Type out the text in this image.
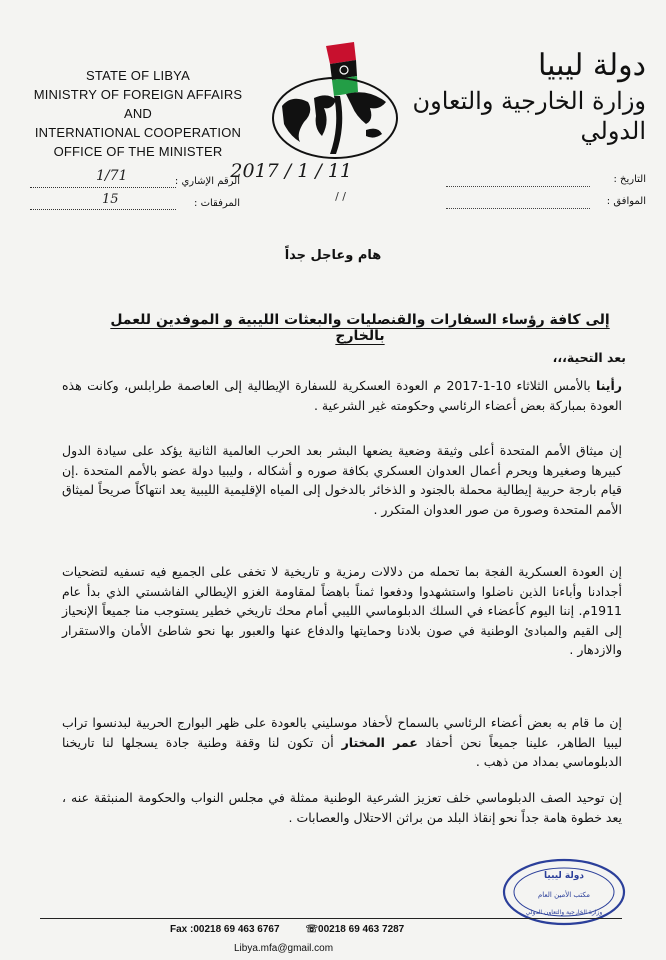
STATE OF LIBYA
MINISTRY OF FOREIGN AFFAIRS
AND
INTERNATIONAL COOPERATION
OFFICE OF THE MINISTER
دولة ليبيا
وزارة الخارجية والتعاون الدولي
الرقم الإشاري :
المرفقات :
1/71
15
التاريخ :
الموافق :
2017 / 1 / 11
/ /
هام وعاجل جداً
إلى كافة رؤساء السفارات والقنصليات والبعثات الليبية و الموفدين للعمل بالخارج
بعد التحية،،،
رأينا بالأمس الثلاثاء 10-1-2017 م العودة العسكرية للسفارة الإيطالية إلى العاصمة طرابلس، وكانت هذه العودة بمباركة بعض أعضاء الرئاسي وحكومته غير الشرعية .
إن ميثاق الأمم المتحدة أعلى وثيقة وضعية يضعها البشر بعد الحرب العالمية الثانية يؤكد على سيادة الدول كبيرها وصغيرها ويحرم أعمال العدوان العسكري بكافة صوره و أشكاله ، وليبيا دولة عضو بالأمم المتحدة .إن قيام بارجة حربية إيطالية محملة بالجنود و الذخائر بالدخول إلى المياه الإقليمية الليبية يعد انتهاكاً صريحاً لميثاق الأمم المتحدة وصورة من صور العدوان المتكرر .
إن العودة العسكرية الفجة بما تحمله من دلالات رمزية و تاريخية لا تخفى على الجميع فيه تسفيه لتضحيات أجدادنا وأباءنا الذين ناضلوا واستشهدوا ودفعوا ثمناً باهضاً لمقاومة الغزو الإيطالي الفاشستي الذي بدأ عام 1911م. إننا اليوم كأعضاء في السلك الدبلوماسي الليبي أمام محك تاريخي خطير يستوجب منا جميعاً الإنحياز إلى القيم والمبادئ الوطنية في صون بلادنا وحمايتها والدفاع عنها والعبور بها نحو شاطئ الأمان والاستقرار والازدهار .
إن ما قام به بعض أعضاء الرئاسي بالسماح لأحفاد موسليني بالعودة على ظهر البوارج الحربية لبدنسوا تراب ليبيا الطاهر، علينا جميعاً نحن أحفاد عمر المختار أن تكون لنا وقفة وطنية جادة يسجلها لنا تاريخنا الدبلوماسي بمداد من ذهب .
إن توحيد الصف الدبلوماسي خلف تعزيز الشرعية الوطنية ممثلة في مجلس النواب والحكومة المنبثقة عنه ، يعد خطوة هامة جداً نحو إنقاذ البلد من براثن الاحتلال والعصابات .
دولة ليبيا
مكتب الأمين العام
وزارة الخارجية والتعاون الدولي
Fax :00218 69 463 6767	☏00218 69 463 7287
Libya.mfa@gmail.com
